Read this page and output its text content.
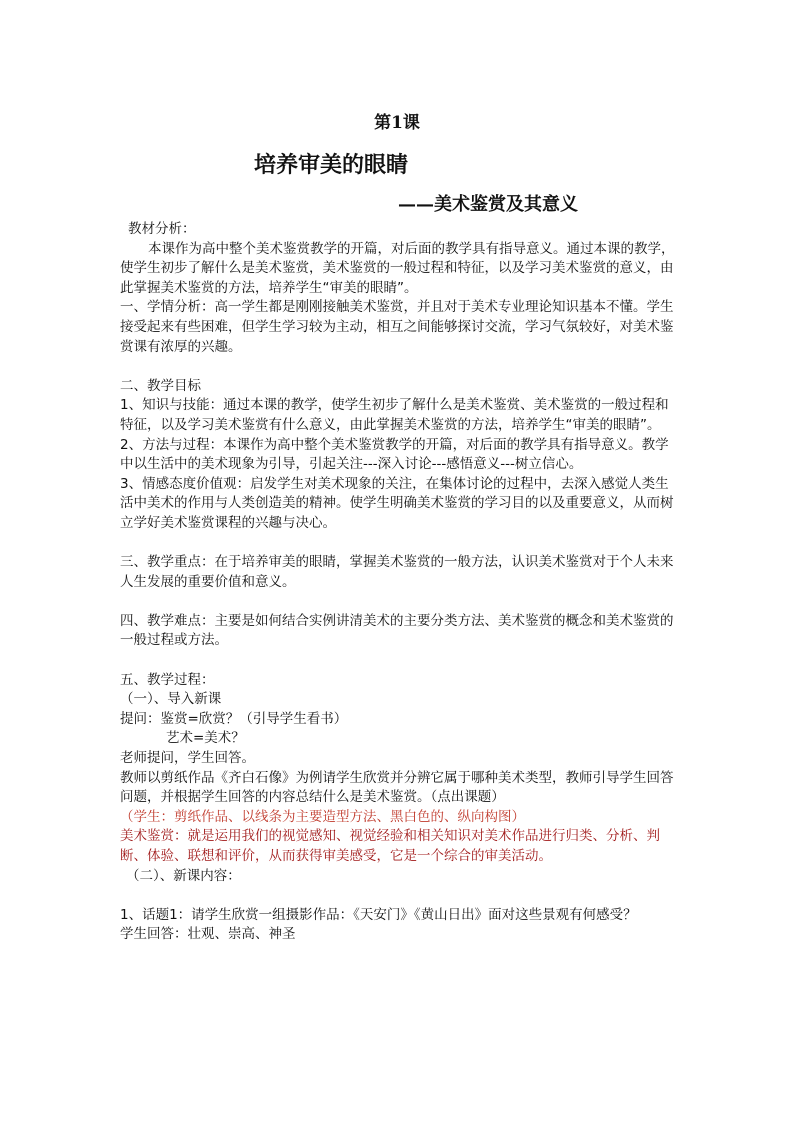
第1课
培养审美的眼睛
——美术鉴赏及其意义

教材分析：

本课作为高中整个美术鉴赏教学的开篇，对后面的教学具有指导意义。通过本课的教学，使学生初步了解什么是美术鉴赏，美术鉴赏的一般过程和特征，以及学习美术鉴赏的意义，由此掌握美术鉴赏的方法，培养学生“审美的眼睛”。

一、学情分析：高一学生都是刚刚接触美术鉴赏，并且对于美术专业理论知识基本不懂。学生接受起来有些困难，但学生学习较为主动，相互之间能够探讨交流，学习气氛较好，对美术鉴赏课有浓厚的兴趣。

二、教学目标

1、知识与技能：通过本课的教学，使学生初步了解什么是美术鉴赏、美术鉴赏的一般过程和特征，以及学习美术鉴赏有什么意义，由此掌握美术鉴赏的方法，培养学生“审美的眼睛”。

2、方法与过程：本课作为高中整个美术鉴赏教学的开篇，对后面的教学具有指导意义。教学中以生活中的美术现象为引导，引起关注---深入讨论---感悟意义---树立信心。

3、情感态度价值观：启发学生对美术现象的关注，在集体讨论的过程中，去深入感觉人类生活中美术的作用与人类创造美的精神。使学生明确美术鉴赏的学习目的以及重要意义，从而树立学好美术鉴赏课程的兴趣与决心。

三、教学重点：在于培养审美的眼睛，掌握美术鉴赏的一般方法，认识美术鉴赏对于个人未来人生发展的重要价值和意义。

四、教学难点：主要是如何结合实例讲清美术的主要分类方法、美术鉴赏的概念和美术鉴赏的一般过程或方法。

五、教学过程：

（一）、导入新课

提问：鉴赏=欣赏？（引导学生看书）

艺术=美术？

老师提问，学生回答。

教师以剪纸作品《齐白石像》为例请学生欣赏并分辨它属于哪种美术类型，教师引导学生回答问题，并根据学生回答的内容总结什么是美术鉴赏。（点出课题）

（学生：剪纸作品、以线条为主要造型方法、黑白色的、纵向构图）

美术鉴赏：就是运用我们的视觉感知、视觉经验和相关知识对美术作品进行归类、分析、判断、体验、联想和评价，从而获得审美感受，它是一个综合的审美活动。

（二）、新课内容：

1、话题1：请学生欣赏一组摄影作品：《天安门》《黄山日出》面对这些景观有何感受？

学生回答：壮观、崇高、神圣
